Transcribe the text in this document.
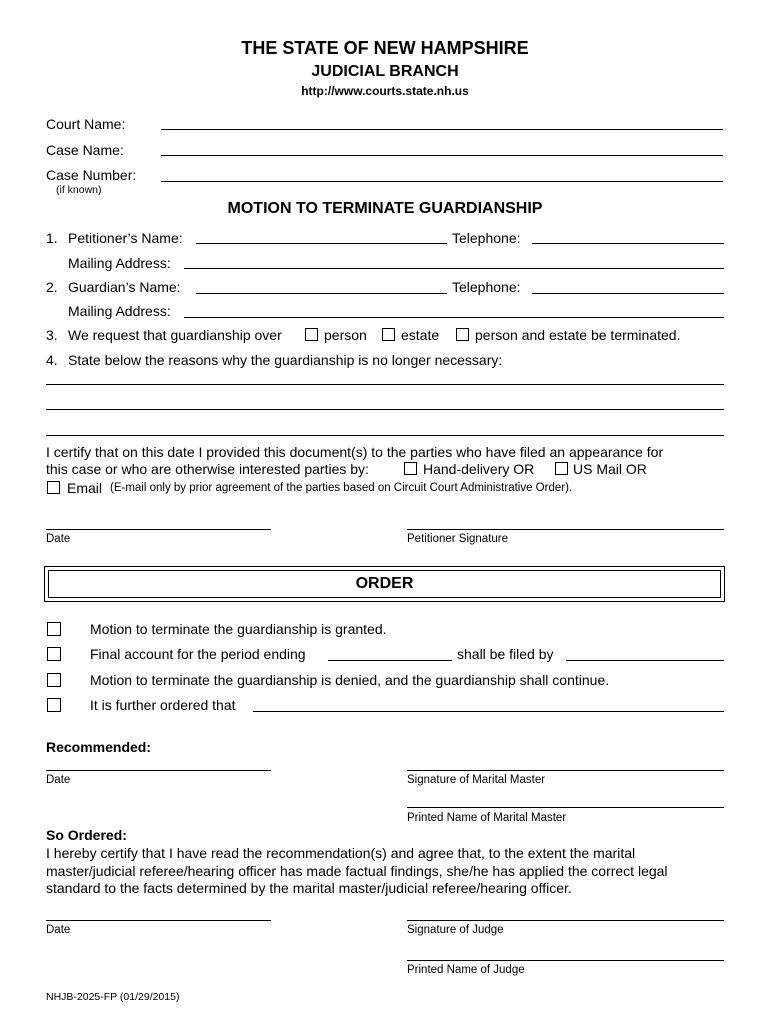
THE STATE OF NEW HAMPSHIRE
JUDICIAL BRANCH
http://www.courts.state.nh.us
Court Name:
Case Name:
Case Number:
(if known)
MOTION TO TERMINATE GUARDIANSHIP
1. Petitioner’s Name:	Telephone:
Mailing Address:
2. Guardian’s Name:	Telephone:
Mailing Address:
3. We request that guardianship over	person estate	person and estate be terminated.
4. State below the reasons why the guardianship is no longer necessary:
I certify that on this date I provided this document(s) to the parties who have filed an appearance for
this case or who are otherwise interested parties by:	Hand-delivery OR	US Mail OR
Email (E-mail only by prior agreement of the parties based on Circuit Court Administrative Order).
Date	Petitioner Signature
ORDER
Motion to terminate the guardianship is granted.
Final account for the period ending	shall be filed by
Motion to terminate the guardianship is denied, and the guardianship shall continue.
It is further ordered that
Recommended:
Date	Signature of Marital Master
Printed Name of Marital Master
So Ordered:
I hereby certify that I have read the recommendation(s) and agree that, to the extent the marital
master/judicial referee/hearing officer has made factual findings, she/he has applied the correct legal
standard to the facts determined by the marital master/judicial referee/hearing officer.
Date	Signature of Judge
Printed Name of Judge
NHJB-2025-FP (01/29/2015)
